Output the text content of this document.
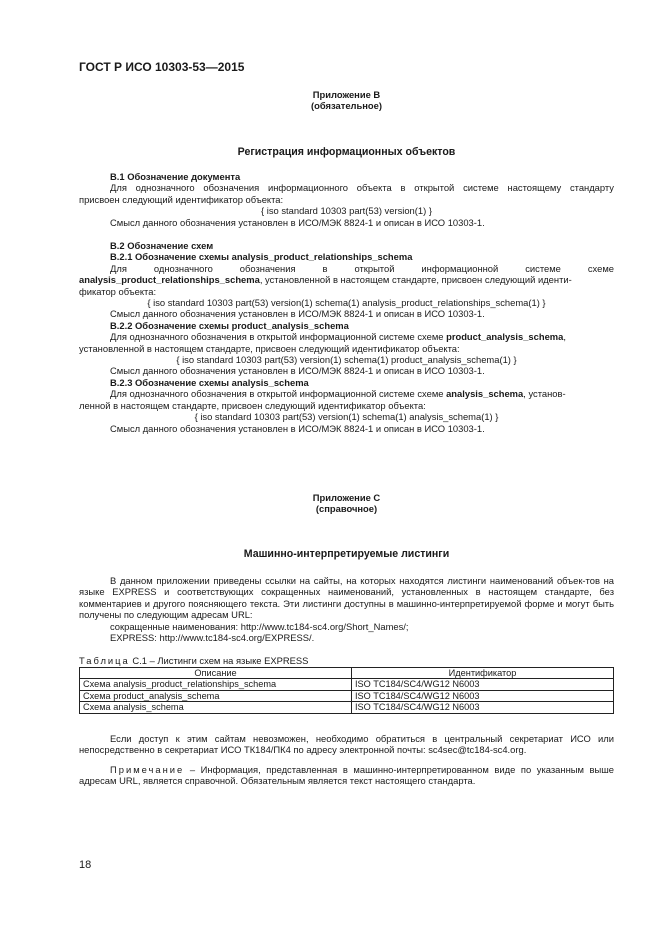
ГОСТ Р ИСО 10303-53—2015
Приложение В
(обязательное)
Регистрация информационных объектов

В.1 Обозначение документа

Для однозначного обозначения информационного объекта в открытой системе настоящему стандарту

присвоен следующий идентификатор объекта:

{ iso standard 10303 part(53) version(1) }

Смысл данного обозначения установлен в ИСО/МЭК 8824-1 и описан в ИСО 10303-1.

В.2 Обозначение схем

В.2.1 Обозначение схемы analysis_product_relationships_schema

Для однозначного обозначения в открытой информационной системе схеме

analysis_product_relationships_schema, установленной в настоящем стандарте, присвоен следующий иденти-

фикатор объекта:

{ iso standard 10303 part(53) version(1) schema(1) analysis_product_relationships_schema(1) }

Смысл данного обозначения установлен в ИСО/МЭК 8824-1 и описан в ИСО 10303-1.

В.2.2 Обозначение схемы product_analysis_schema

Для однозначного обозначения в открытой информационной системе схеме product_analysis_schema,

установленной в настоящем стандарте, присвоен следующий идентификатор объекта:

{ iso standard 10303 part(53) version(1) schema(1) product_analysis_schema(1) }

Смысл данного обозначения установлен в ИСО/МЭК 8824-1 и описан в ИСО 10303-1.

В.2.3 Обозначение схемы analysis_schema

Для однозначного обозначения в открытой информационной системе схеме analysis_schema, установ-

ленной в настоящем стандарте, присвоен следующий идентификатор объекта:

{ iso standard 10303 part(53) version(1) schema(1) analysis_schema(1) }

Смысл данного обозначения установлен в ИСО/МЭК 8824-1 и описан в ИСО 10303-1.

Приложение С
(справочное)
Машинно-интерпретируемые листинги

В данном приложении приведены ссылки на сайты, на которых находятся листинги наименований объек-тов на языке EXPRESS и соответствующих сокращенных наименований, установленных в настоящем стандарте, без комментариев и другого поясняющего текста. Эти листинги доступны в машинно-интерпретируемой форме и могут быть получены по следующим адресам URL:

сокращенные наименования: http://www.tc184-sc4.org/Short_Names/;

EXPRESS: http://www.tc184-sc4.org/EXPRESS/.

Таблица С.1 – Листинги схем на языке EXPRESS
Описание	Идентификатор
Схема analysis_product_relationships_schema	ISO TC184/SC4/WG12 N6003
Схема product_analysis_schema	ISO TC184/SC4/WG12 N6003
Схема analysis_schema	ISO TC184/SC4/WG12 N6003

Если доступ к этим сайтам невозможен, необходимо обратиться в центральный секретариат ИСО или непосредственно в секретариат ИСО ТК184/ПК4 по адресу электронной почты: sc4sec@tc184-sc4.org.

Примечание – Информация, представленная в машинно-интерпретированном виде по указанным выше адресам URL, является справочной. Обязательным является текст настоящего стандарта.

18
